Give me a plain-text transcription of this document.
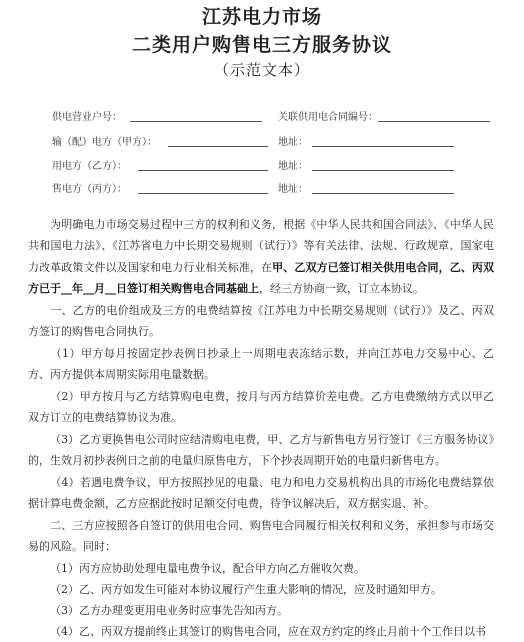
江苏电力市场
二类用户购售电三方服务协议
（示范文本）
供电营业户号：	关联供用电合同编号：
输（配）电方（甲方）：	地址：
用电方（乙方）：	地址：
售电方（丙方）：	地址：
为明确电力市场交易过程中三方的权利和义务，根据《中华人民共和国合同法》、《中华人民共和国电力法》、《江苏省电力中长期交易规则（试行）》等有关法律、法规、行政规章、国家电力改革政策文件以及国家和电力行业相关标准，在甲、乙双方已签订相关供用电合同，乙、丙双方已于__年__月__日签订相关购售电合同基础上，经三方协商一致，订立本协议。
一、乙方的电价组成及三方的电费结算按《江苏电力中长期交易规则（试行）》及乙、丙双方签订的购售电合同执行。
（1）甲方每月按固定抄表例日抄录上一周期电表冻结示数，并向江苏电力交易中心、乙方、丙方提供本周期实际用电量数据。
（2）甲方按月与乙方结算购电电费，按月与丙方结算价差电费。乙方电费缴纳方式以甲乙双方订立的电费结算协议为准。
（3）乙方更换售电公司时应结清购电电费，甲、乙方与新售电方另行签订《三方服务协议》的，生效月初抄表例日之前的电量归原售电方，下个抄表周期开始的电量归新售电方。
（4）若遇电费争议，甲方按照抄见的电量、电力和电力交易机构出具的市场化电费结算依据计算电费金额，乙方应据此按时足额交付电费，待争议解决后，双方据实退、补。
二、三方应按照各自签订的供用电合同、购售电合同履行相关权利和义务，承担参与市场交易的风险。同时：
（1）丙方应协助处理电量电费争议，配合甲方向乙方催收欠费。
（2）乙、丙方如发生可能对本协议履行产生重大影响的情况，应及时通知甲方。
（3）乙方办理变更用电业务时应事先告知丙方。
（4）乙、丙双方提前终止其签订的购售电合同，应在双方约定的终止月前十个工作日以书
